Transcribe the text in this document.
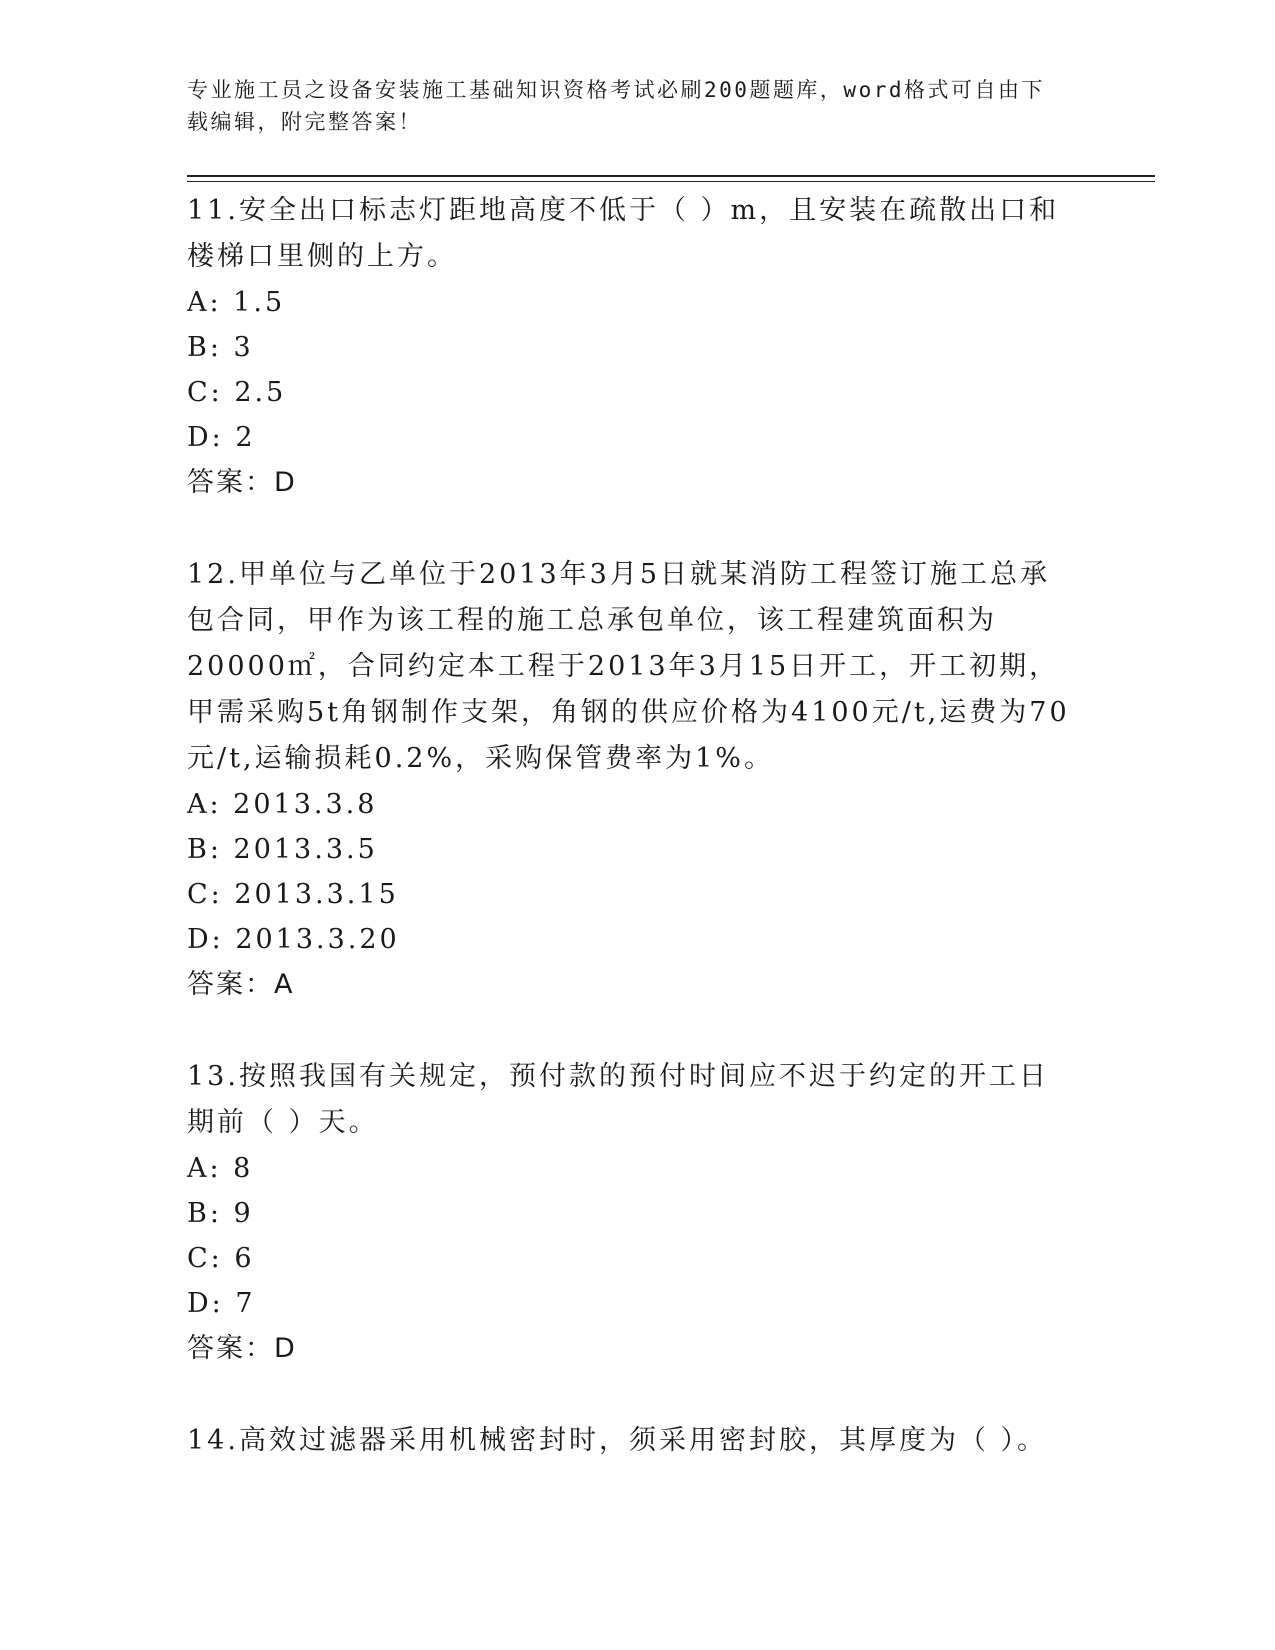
专业施工员之设备安装施工基础知识资格考试必刷200题题库，word格式可自由下载编辑，附完整答案！

11.安全出口标志灯距地高度不低于（ ）m，且安装在疏散出口和楼梯口里侧的上方。

A: 1.5

B: 3

C: 2.5

D: 2

答案：D

12.甲单位与乙单位于2013年3月5日就某消防工程签订施工总承包合同，甲作为该工程的施工总承包单位，该工程建筑面积为20000㎡，合同约定本工程于2013年3月15日开工，开工初期，甲需采购5t角钢制作支架，角钢的供应价格为4100元/t,运费为70元/t,运输损耗0.2%，采购保管费率为1%。

A: 2013.3.8

B: 2013.3.5

C: 2013.3.15

D: 2013.3.20

答案：A

13.按照我国有关规定，预付款的预付时间应不迟于约定的开工日期前（ ）天。

A: 8

B: 9

C: 6

D: 7

答案：D

14.高效过滤器采用机械密封时，须采用密封胶，其厚度为（ ）。
